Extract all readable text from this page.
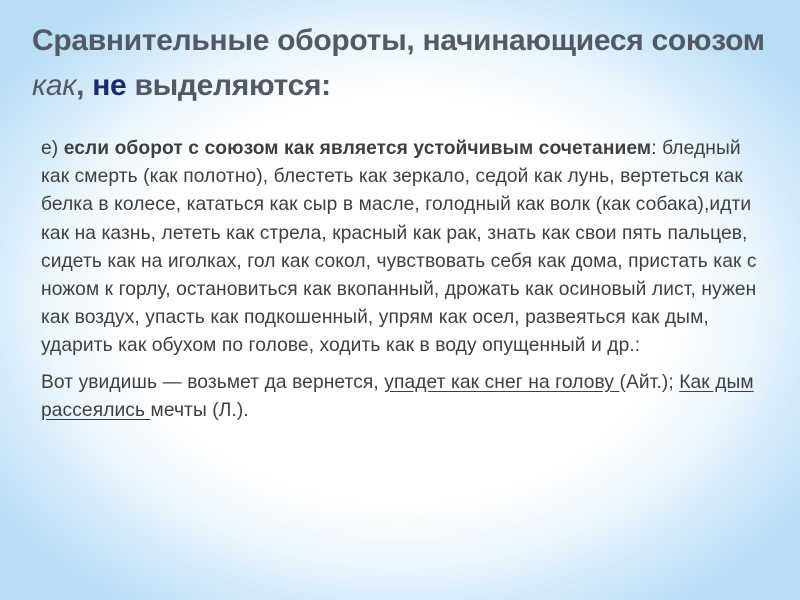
Сравнительные обороты, начинающиеся союзом как, не выделяются:

е) если оборот с союзом как является устойчивым сочетанием: бледный как смерть (как полотно), блестеть как зеркало, седой как лунь, вертеться как белка в колесе, кататься как сыр в масле, голодный как волк (как собака),идти как на казнь, лететь как стрела, красный как рак, знать как свои пять пальцев, сидеть как на иголках, гол как сокол, чувствовать себя как дома, пристать как с ножом к горлу, остановиться как вкопанный, дрожать как осиновый лист, нужен как воздух, упасть как подкошенный, упрям как осел, развеяться как дым, ударить как обухом по голове, ходить как в воду опущенный и др.:

Вот увидишь — возьмет да вернется, упадет как снег на голову (Айт.); Как дым рассеялись мечты (Л.).
